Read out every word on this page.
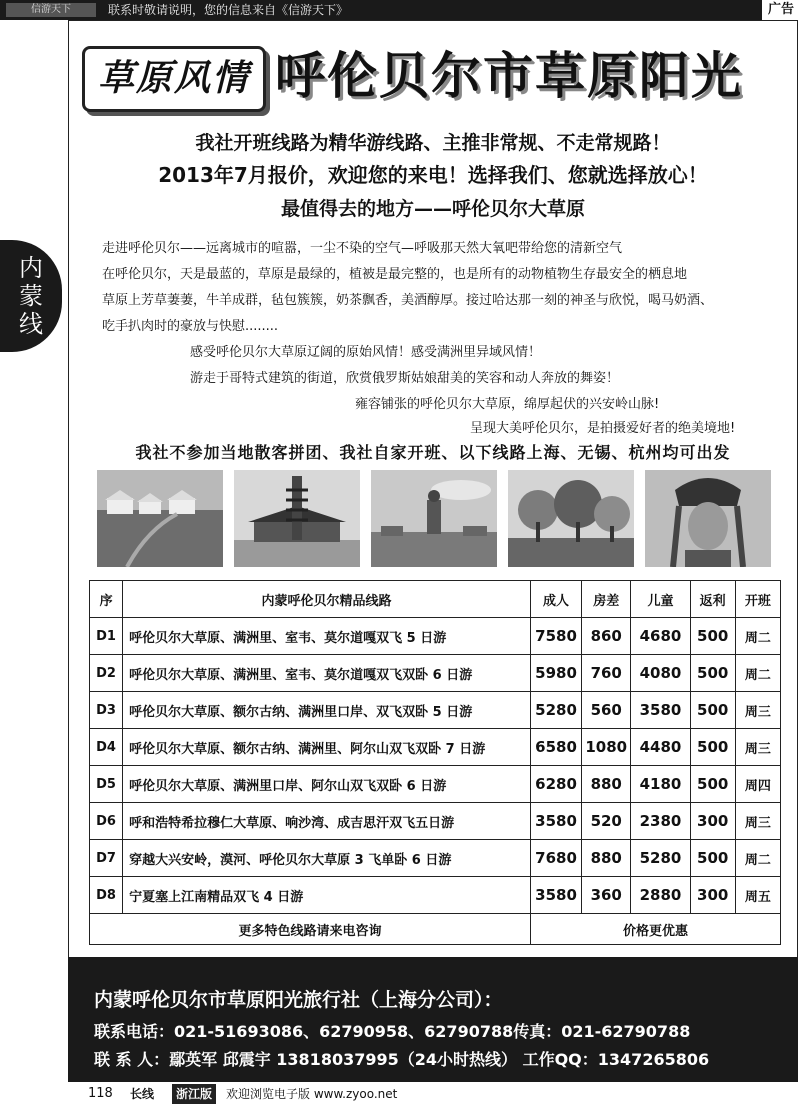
信游天下	联系时敬请说明，您的信息来自《信游天下》	广告
内
蒙
线
草原风情 呼伦贝尔市草原阳光
我社开班线路为精华游线路、主推非常规、不走常规路！
2013年7月报价，欢迎您的来电！选择我们、您就选择放心！
最值得去的地方——呼伦贝尔大草原
走进呼伦贝尔——远离城市的喧嚣，一尘不染的空气—呼吸那天然大氧吧带给您的清新空气
在呼伦贝尔，天是最蓝的，草原是最绿的，植被是最完整的，也是所有的动物植物生存最安全的栖息地
草原上芳草萋萋，牛羊成群，毡包簇簇，奶茶飘香，美酒醇厚。接过哈达那一刻的神圣与欣悦，喝马奶酒、
吃手扒肉时的豪放与快慰........
感受呼伦贝尔大草原辽阔的原始风情！感受满洲里异域风情！
游走于哥特式建筑的街道，欣赏俄罗斯姑娘甜美的笑容和动人奔放的舞姿！
雍容铺张的呼伦贝尔大草原，绵厚起伏的兴安岭山脉!
呈现大美呼伦贝尔，是拍摄爱好者的绝美境地!
我社不参加当地散客拼团、我社自家开班、以下线路上海、无锡、杭州均可出发
序	内蒙呼伦贝尔精品线路	成人	房差	儿童	返利	开班
D1	呼伦贝尔大草原、满洲里、室韦、莫尔道嘎双飞 5 日游	7580	860	4680	500	周二
D2	呼伦贝尔大草原、满洲里、室韦、莫尔道嘎双飞双卧 6 日游	5980	760	4080	500	周二
D3	呼伦贝尔大草原、额尔古纳、满洲里口岸、双飞双卧 5 日游	5280	560	3580	500	周三
D4	呼伦贝尔大草原、额尔古纳、满洲里、阿尔山双飞双卧 7 日游	6580	1080	4480	500	周三
D5	呼伦贝尔大草原、满洲里口岸、阿尔山双飞双卧 6 日游	6280	880	4180	500	周四
D6	呼和浩特希拉穆仁大草原、响沙湾、成吉思汗双飞五日游	3580	520	2380	300	周三
D7	穿越大兴安岭，漠河、呼伦贝尔大草原 3 飞单卧 6 日游	7680	880	5280	500	周二
D8	宁夏塞上江南精品双飞 4 日游	3580	360	2880	300	周五
更多特色线路请来电咨询		价格更优惠				
内蒙呼伦贝尔市草原阳光旅行社（上海分公司）：
联系电话：021-51693086、62790958、62790788传真：021-62790788
联 系 人：鄢英军 邱震宇 13818037995（24小时热线） 工作QQ：1347265806
118 长线	浙江版	欢迎浏览电子版 www.zyoo.net
